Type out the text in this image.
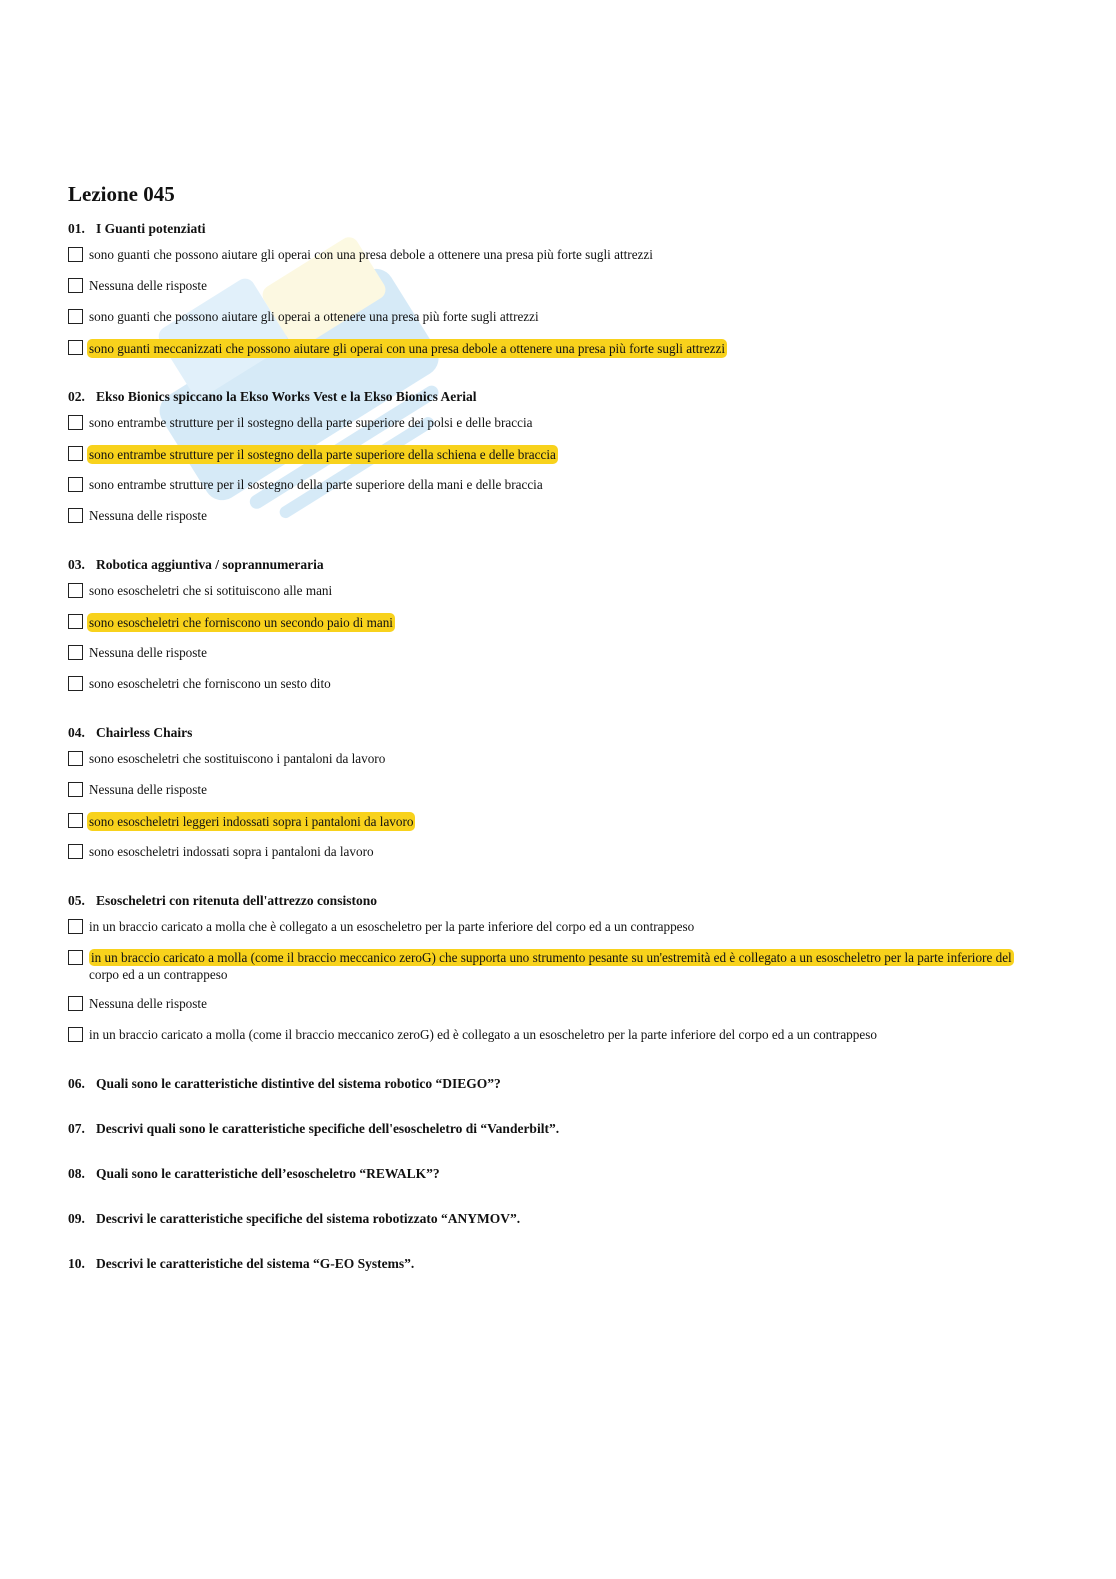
Lezione 045
01. I Guanti potenziati
sono guanti che possono aiutare gli operai con una presa debole a ottenere una presa più forte sugli attrezzi
Nessuna delle risposte
sono guanti che possono aiutare gli operai a ottenere una presa più forte sugli attrezzi
sono guanti meccanizzati che possono aiutare gli operai con una presa debole a ottenere una presa più forte sugli attrezzi
02. Ekso Bionics spiccano la Ekso Works Vest e la Ekso Bionics Aerial
sono entrambe strutture per il sostegno della parte superiore dei polsi e delle braccia
sono entrambe strutture per il sostegno della parte superiore della schiena e delle braccia
sono entrambe strutture per il sostegno della parte superiore della mani e delle braccia
Nessuna delle risposte
03. Robotica aggiuntiva / soprannumeraria
sono esoscheletri che si sotituiscono alle mani
sono esoscheletri che forniscono un secondo paio di mani
Nessuna delle risposte
sono esoscheletri che forniscono un sesto dito
04. Chairless Chairs
sono esoscheletri che sostituiscono i pantaloni da lavoro
Nessuna delle risposte
sono esoscheletri leggeri indossati sopra i pantaloni da lavoro
sono esoscheletri indossati sopra i pantaloni da lavoro
05. Esoscheletri con ritenuta dell'attrezzo consistono
in un braccio caricato a molla che è collegato a un esoscheletro per la parte inferiore del corpo ed a un contrappeso
in un braccio caricato a molla (come il braccio meccanico zeroG) che supporta uno strumento pesante su un'estremità ed è collegato a un esoscheletro per la parte inferiore del corpo ed a un contrappeso
Nessuna delle risposte
in un braccio caricato a molla (come il braccio meccanico zeroG) ed è collegato a un esoscheletro per la parte inferiore del corpo ed a un contrappeso
06. Quali sono le caratteristiche distintive del sistema robotico “DIEGO”?
07. Descrivi quali sono le caratteristiche specifiche dell'esoscheletro di “Vanderbilt”.
08. Quali sono le caratteristiche dell’esoscheletro “REWALK”?
09. Descrivi le caratteristiche specifiche del sistema robotizzato “ANYMOV”.
10. Descrivi le caratteristiche del sistema “G-EO Systems”.
